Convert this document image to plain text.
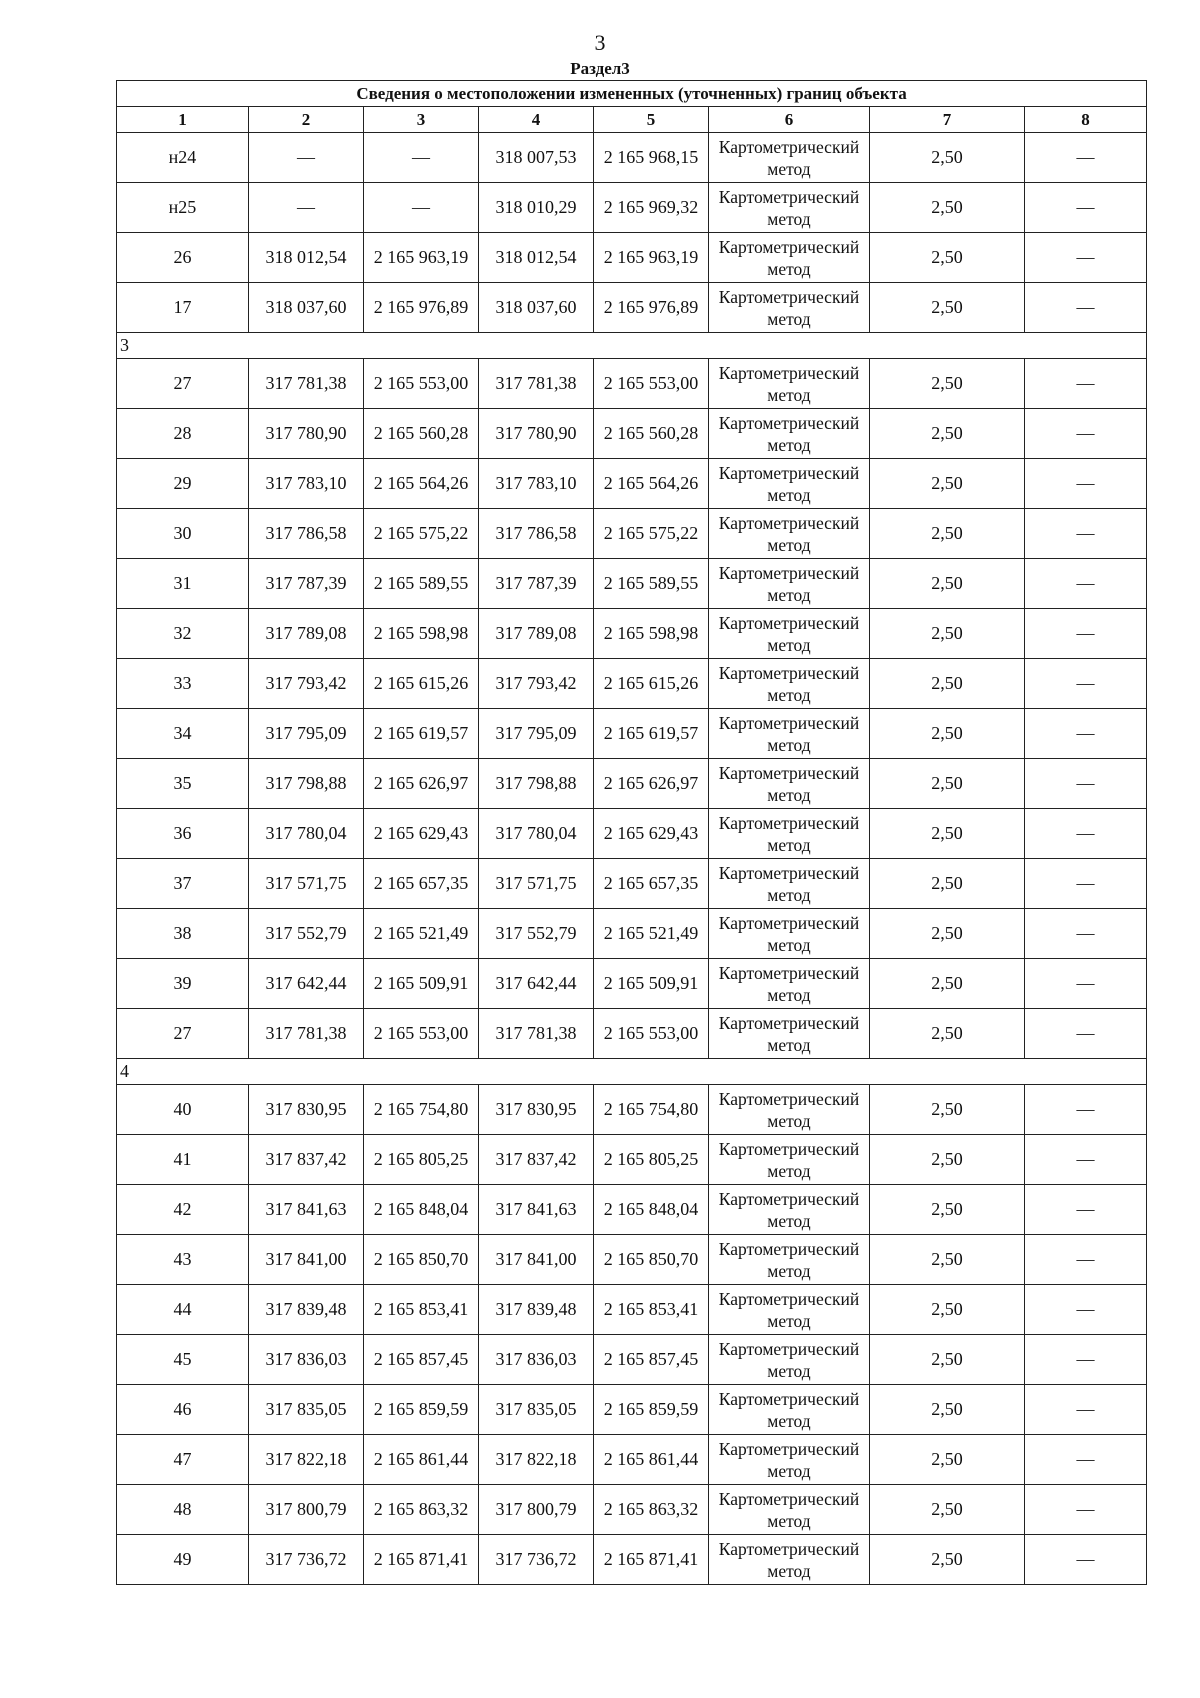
3
Раздел3
Сведения о местоположении измененных (уточненных) границ объекта							
1	2	3	4	5	6	7	8
н24	—	—	318 007,53	2 165 968,15	Картометрический метод	2,50	—
н25	—	—	318 010,29	2 165 969,32	Картометрический метод	2,50	—
26	318 012,54	2 165 963,19	318 012,54	2 165 963,19	Картометрический метод	2,50	—
17	318 037,60	2 165 976,89	318 037,60	2 165 976,89	Картометрический метод	2,50	—
3							
27	317 781,38	2 165 553,00	317 781,38	2 165 553,00	Картометрический метод	2,50	—
28	317 780,90	2 165 560,28	317 780,90	2 165 560,28	Картометрический метод	2,50	—
29	317 783,10	2 165 564,26	317 783,10	2 165 564,26	Картометрический метод	2,50	—
30	317 786,58	2 165 575,22	317 786,58	2 165 575,22	Картометрический метод	2,50	—
31	317 787,39	2 165 589,55	317 787,39	2 165 589,55	Картометрический метод	2,50	—
32	317 789,08	2 165 598,98	317 789,08	2 165 598,98	Картометрический метод	2,50	—
33	317 793,42	2 165 615,26	317 793,42	2 165 615,26	Картометрический метод	2,50	—
34	317 795,09	2 165 619,57	317 795,09	2 165 619,57	Картометрический метод	2,50	—
35	317 798,88	2 165 626,97	317 798,88	2 165 626,97	Картометрический метод	2,50	—
36	317 780,04	2 165 629,43	317 780,04	2 165 629,43	Картометрический метод	2,50	—
37	317 571,75	2 165 657,35	317 571,75	2 165 657,35	Картометрический метод	2,50	—
38	317 552,79	2 165 521,49	317 552,79	2 165 521,49	Картометрический метод	2,50	—
39	317 642,44	2 165 509,91	317 642,44	2 165 509,91	Картометрический метод	2,50	—
27	317 781,38	2 165 553,00	317 781,38	2 165 553,00	Картометрический метод	2,50	—
4							
40	317 830,95	2 165 754,80	317 830,95	2 165 754,80	Картометрический метод	2,50	—
41	317 837,42	2 165 805,25	317 837,42	2 165 805,25	Картометрический метод	2,50	—
42	317 841,63	2 165 848,04	317 841,63	2 165 848,04	Картометрический метод	2,50	—
43	317 841,00	2 165 850,70	317 841,00	2 165 850,70	Картометрический метод	2,50	—
44	317 839,48	2 165 853,41	317 839,48	2 165 853,41	Картометрический метод	2,50	—
45	317 836,03	2 165 857,45	317 836,03	2 165 857,45	Картометрический метод	2,50	—
46	317 835,05	2 165 859,59	317 835,05	2 165 859,59	Картометрический метод	2,50	—
47	317 822,18	2 165 861,44	317 822,18	2 165 861,44	Картометрический метод	2,50	—
48	317 800,79	2 165 863,32	317 800,79	2 165 863,32	Картометрический метод	2,50	—
49	317 736,72	2 165 871,41	317 736,72	2 165 871,41	Картометрический метод	2,50	—
